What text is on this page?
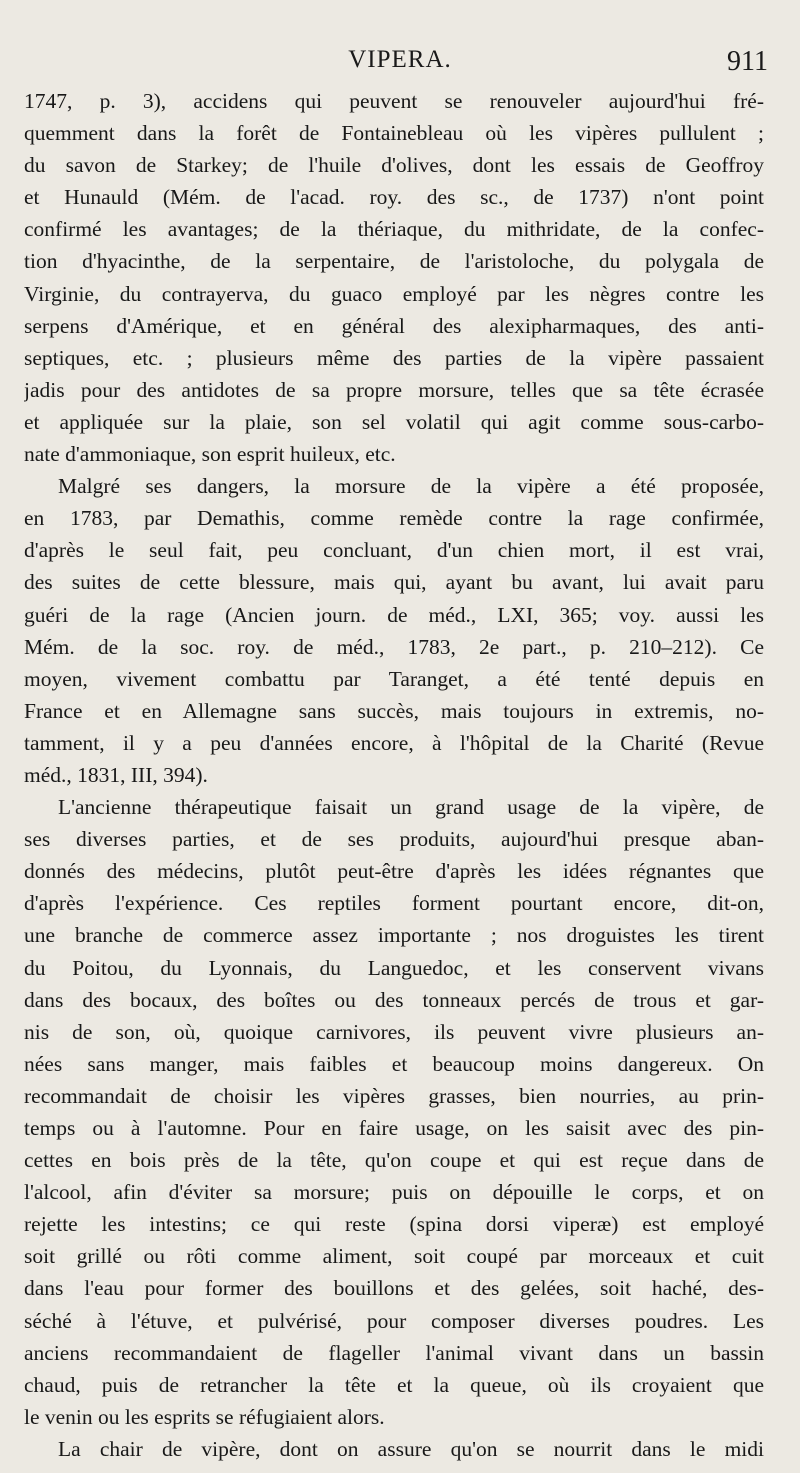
VIPERA.	911
1747, p. 3), accidens qui peuvent se renouveler aujourd'hui fré-
quemment dans la forêt de Fontainebleau où les vipères pullulent ;
du savon de Starkey; de l'huile d'olives, dont les essais de Geoffroy
et Hunauld (Mém. de l'acad. roy. des sc., de 1737) n'ont point
confirmé les avantages; de la thériaque, du mithridate, de la confec-
tion d'hyacinthe, de la serpentaire, de l'aristoloche, du polygala de
Virginie, du contrayerva, du guaco employé par les nègres contre les
serpens d'Amérique, et en général des alexipharmaques, des anti-
septiques, etc. ; plusieurs même des parties de la vipère passaient
jadis pour des antidotes de sa propre morsure, telles que sa tête écrasée
et appliquée sur la plaie, son sel volatil qui agit comme sous-carbo-
nate d'ammoniaque, son esprit huileux, etc.
Malgré ses dangers, la morsure de la vipère a été proposée,
en 1783, par Demathis, comme remède contre la rage confirmée,
d'après le seul fait, peu concluant, d'un chien mort, il est vrai,
des suites de cette blessure, mais qui, ayant bu avant, lui avait paru
guéri de la rage (Ancien journ. de méd., LXI, 365; voy. aussi les
Mém. de la soc. roy. de méd., 1783, 2e part., p. 210–212). Ce
moyen, vivement combattu par Taranget, a été tenté depuis en
France et en Allemagne sans succès, mais toujours in extremis, no-
tamment, il y a peu d'années encore, à l'hôpital de la Charité (Revue
méd., 1831, III, 394).
L'ancienne thérapeutique faisait un grand usage de la vipère, de
ses diverses parties, et de ses produits, aujourd'hui presque aban-
donnés des médecins, plutôt peut-être d'après les idées régnantes que
d'après l'expérience. Ces reptiles forment pourtant encore, dit-on,
une branche de commerce assez importante ; nos droguistes les tirent
du Poitou, du Lyonnais, du Languedoc, et les conservent vivans
dans des bocaux, des boîtes ou des tonneaux percés de trous et gar-
nis de son, où, quoique carnivores, ils peuvent vivre plusieurs an-
nées sans manger, mais faibles et beaucoup moins dangereux. On
recommandait de choisir les vipères grasses, bien nourries, au prin-
temps ou à l'automne. Pour en faire usage, on les saisit avec des pin-
cettes en bois près de la tête, qu'on coupe et qui est reçue dans de
l'alcool, afin d'éviter sa morsure; puis on dépouille le corps, et on
rejette les intestins; ce qui reste (spina dorsi viperæ) est employé
soit grillé ou rôti comme aliment, soit coupé par morceaux et cuit
dans l'eau pour former des bouillons et des gelées, soit haché, des-
séché à l'étuve, et pulvérisé, pour composer diverses poudres. Les
anciens recommandaient de flageller l'animal vivant dans un bassin
chaud, puis de retrancher la tête et la queue, où ils croyaient que
le venin ou les esprits se réfugiaient alors.
La chair de vipère, dont on assure qu'on se nourrit dans le midi
